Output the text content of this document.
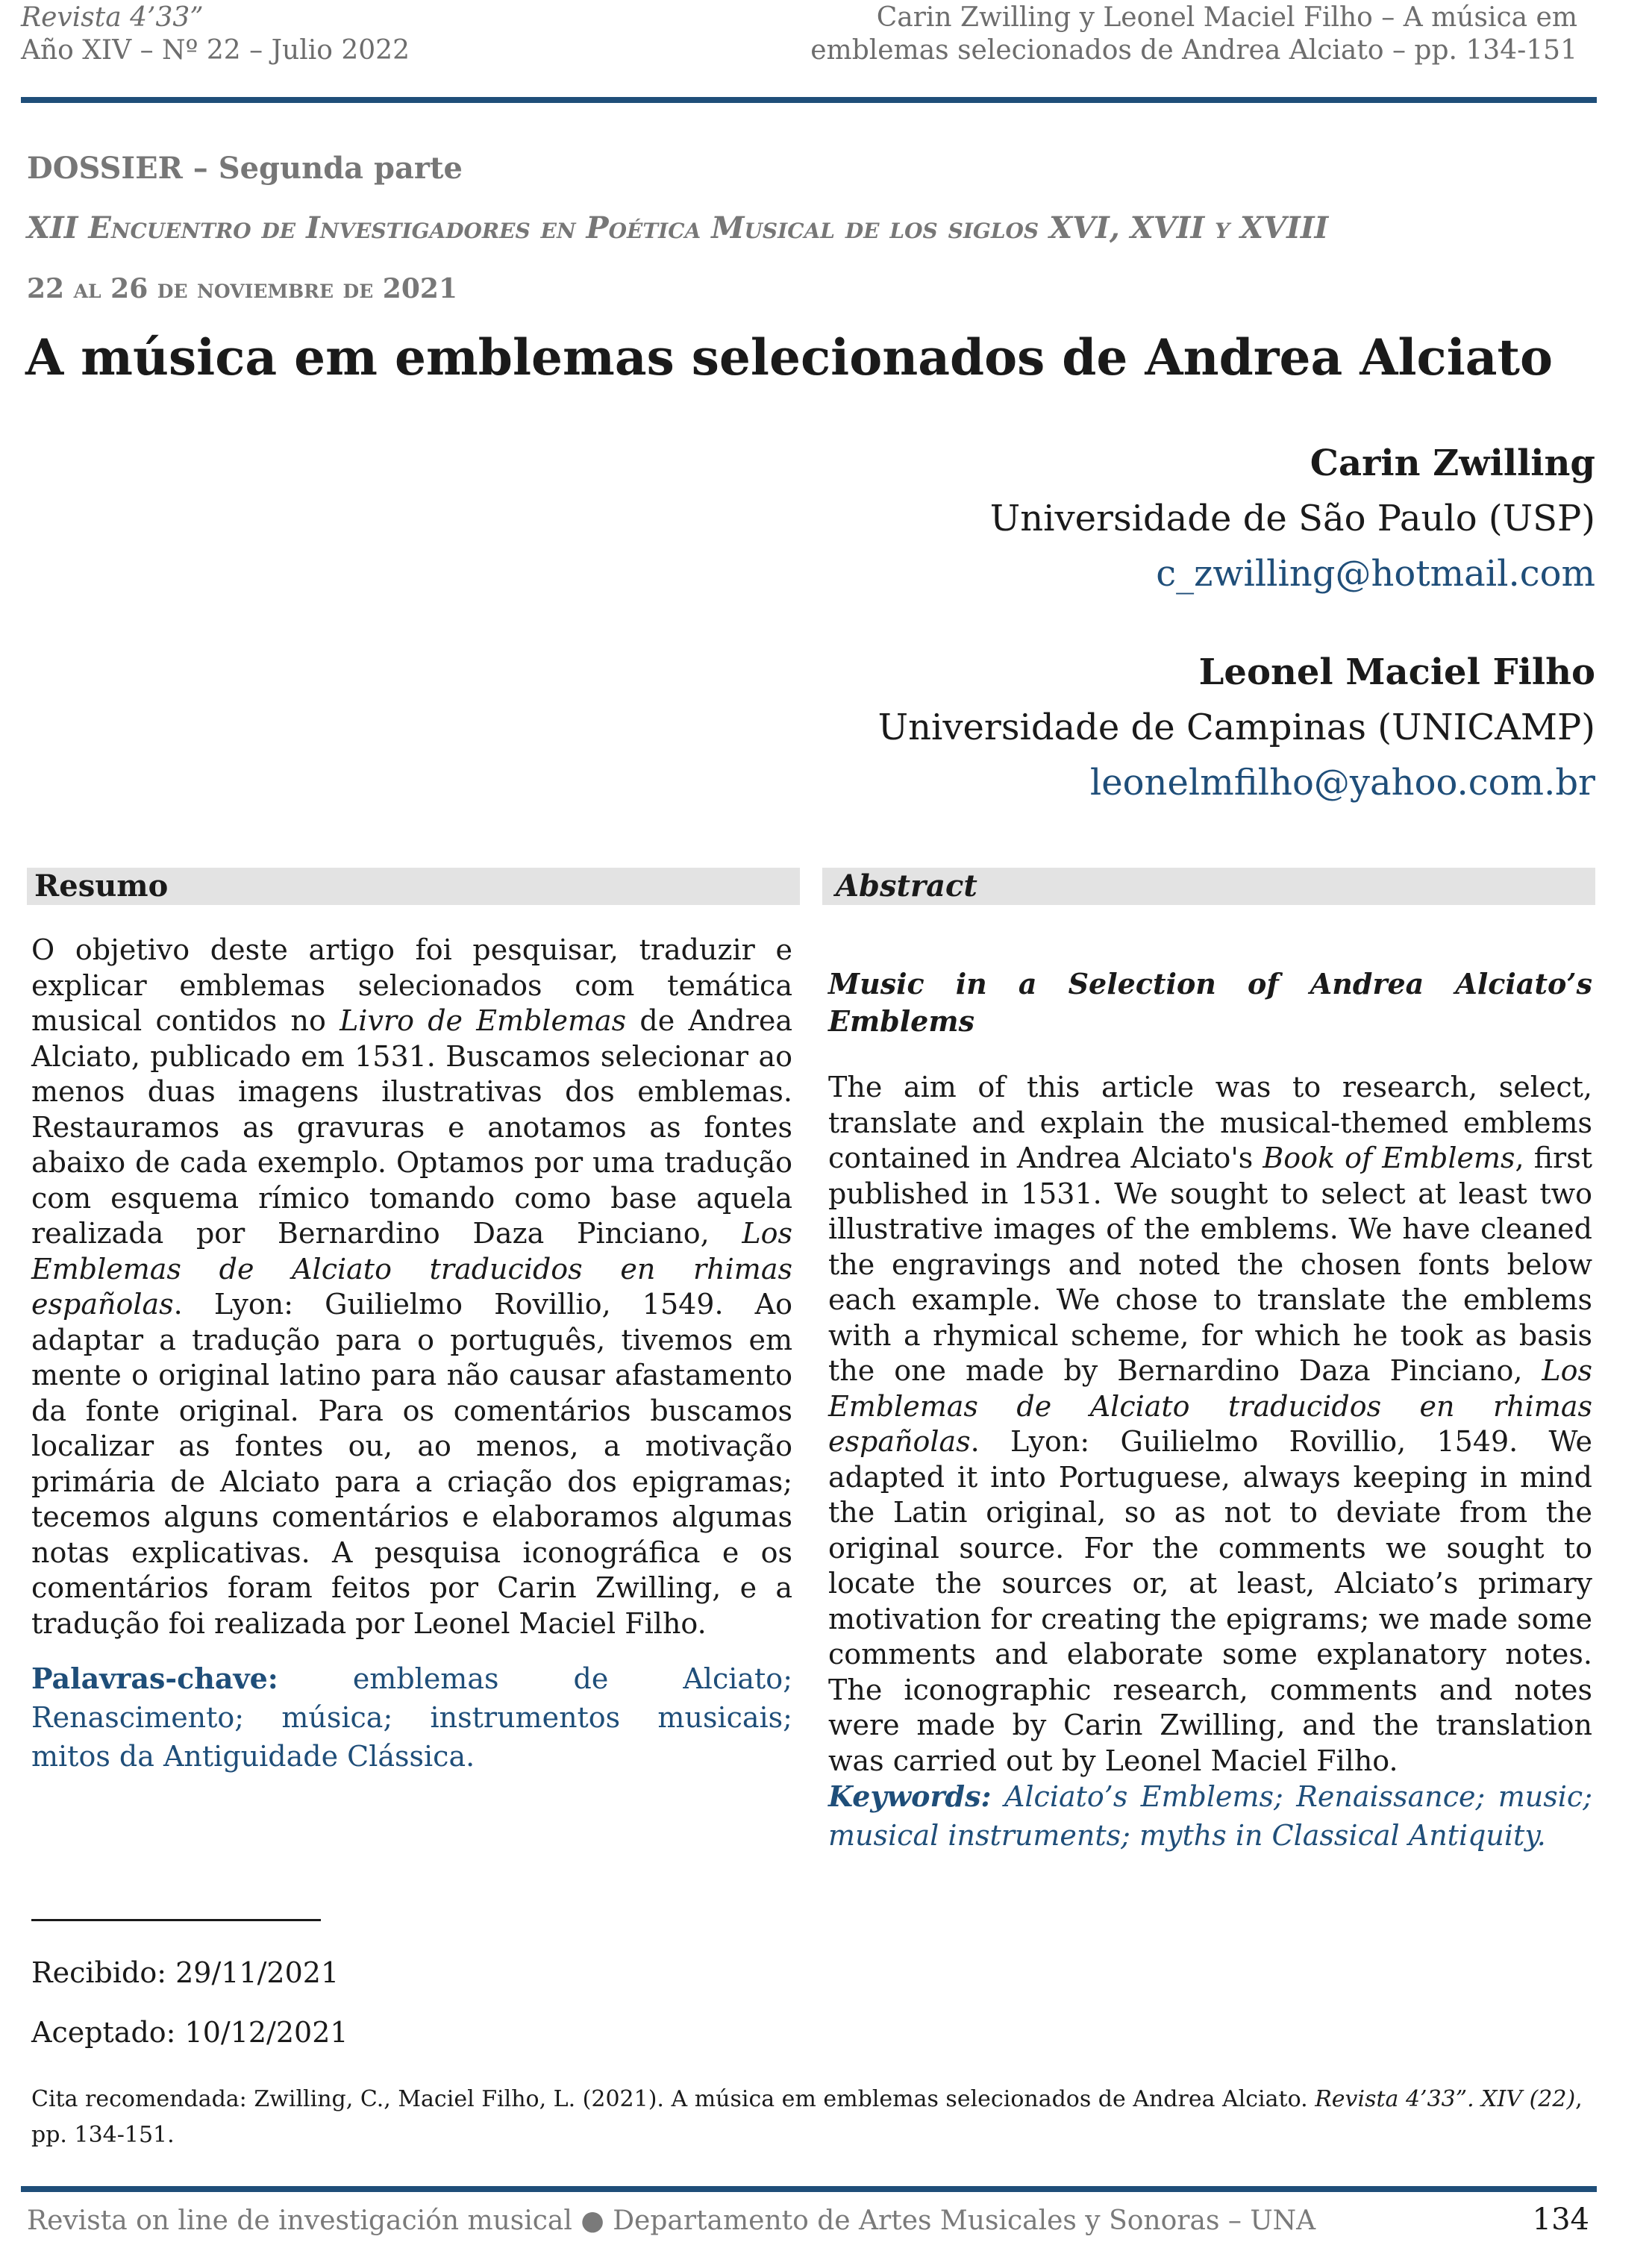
Revista 4’33”
Año XIV – Nº 22 – Julio 2022
Carin Zwilling y Leonel Maciel Filho – A música em
emblemas selecionados de Andrea Alciato – pp. 134-151
DOSSIER – Segunda parte
XII Encuentro de Investigadores en Poética Musical de los siglos XVI, XVII y XVIII
22 al 26 de noviembre de 2021
A música em emblemas selecionados de Andrea Alciato
Carin Zwilling
Universidade de São Paulo (USP)
c_zwilling@hotmail.com
Leonel Maciel Filho
Universidade de Campinas (UNICAMP)
leonelmfilho@yahoo.com.br
Resumo	Abstract

O objetivo deste artigo foi pesquisar, traduzir e explicar emblemas selecionados com temática musical contidos no Livro de Emblemas de Andrea Alciato, publicado em 1531. Buscamos selecionar ao menos duas imagens ilustrativas dos emblemas. Restauramos as gravuras e anotamos as fontes abaixo de cada exemplo. Optamos por uma tradução com esquema rímico tomando como base aquela realizada por Bernardino Daza Pinciano, Los Emblemas de Alciato traducidos en rhimas españolas. Lyon: Guilielmo Rovillio, 1549. Ao adaptar a tradução para o português, tivemos em mente o original latino para não causar afastamento da fonte original. Para os comentários buscamos localizar as fontes ou, ao menos, a motivação primária de Alciato para a criação dos epigramas; tecemos alguns comentários e elaboramos algumas notas explicativas. A pesquisa iconográfica e os comentários foram feitos por Carin Zwilling, e a tradução foi realizada por Leonel Maciel Filho.

Palavras-chave: emblemas de Alciato; Renascimento; música; instrumentos musicais; mitos da Antiguidade Clássica.

Music in a Selection of Andrea Alciato’s Emblems

The aim of this article was to research, select, translate and explain the musical-themed emblems contained in Andrea Alciato's Book of Emblems, first published in 1531. We sought to select at least two illustrative images of the emblems. We have cleaned the engravings and noted the chosen fonts below each example. We chose to translate the emblems with a rhymical scheme, for which he took as basis the one made by Bernardino Daza Pinciano, Los Emblemas de Alciato traducidos en rhimas españolas. Lyon: Guilielmo Rovillio, 1549. We adapted it into Portuguese, always keeping in mind the Latin original, so as not to deviate from the original source. For the comments we sought to locate the sources or, at least, Alciato’s primary motivation for creating the epigrams; we made some comments and elaborate some explanatory notes. The iconographic research, comments and notes were made by Carin Zwilling, and the translation was carried out by Leonel Maciel Filho.

Keywords: Alciato’s Emblems; Renaissance; music; musical instruments; myths in Classical Antiquity.
Recibido: 29/11/2021
Aceptado: 10/12/2021
Cita recomendada: Zwilling, C., Maciel Filho, L. (2021). A música em emblemas selecionados de Andrea Alciato. Revista 4’33”. XIV (22), pp. 134-151.
Revista on line de investigación musical ● Departamento de Artes Musicales y Sonoras – UNA	134
